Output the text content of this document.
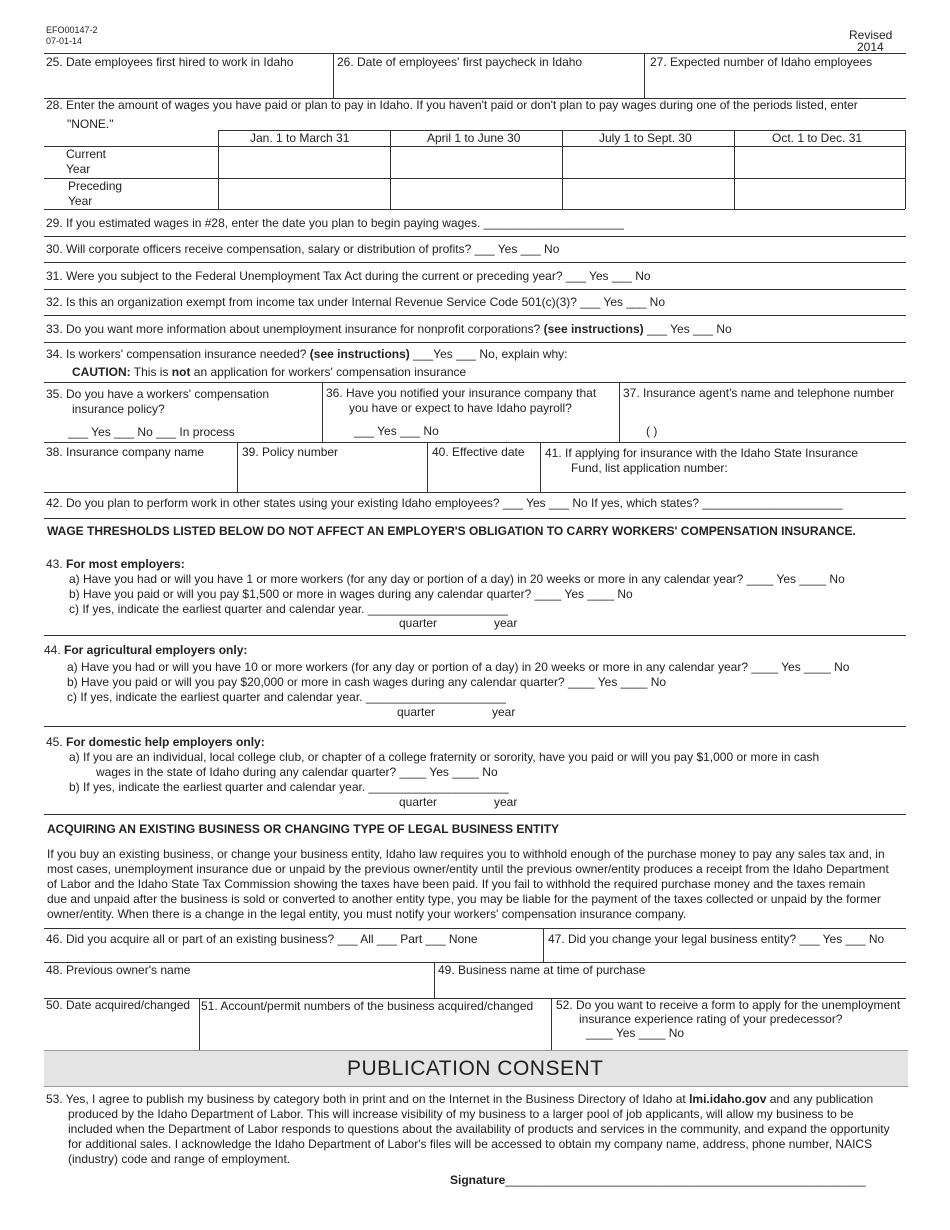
EFO00147-2
07-01-14	Revised
2014
25. Date employees first hired to work in Idaho	26. Date of employees' first paycheck in Idaho	27. Expected number of Idaho employees
28. Enter the amount of wages you have paid or plan to pay in Idaho. If you haven't paid or don't plan to pay wages during one of the periods listed, enter
"NONE."
Jan. 1 to March 31	April 1 to June 30	July 1 to Sept. 30	Oct. 1 to Dec. 31
Current
Year
Preceding
Year
29. If you estimated wages in #28, enter the date you plan to begin paying wages. _____________________
30. Will corporate officers receive compensation, salary or distribution of profits? ___ Yes ___ No
31. Were you subject to the Federal Unemployment Tax Act during the current or preceding year? ___ Yes ___ No
32. Is this an organization exempt from income tax under Internal Revenue Service Code 501(c)(3)? ___ Yes ___ No
33. Do you want more information about unemployment insurance for nonprofit corporations? (see instructions) ___ Yes ___ No
34. Is workers' compensation insurance needed? (see instructions) ___Yes ___ No, explain why:
CAUTION: This is not an application for workers' compensation insurance
35. Do you have a workers' compensation
insurance policy?
___ Yes ___ No ___ In process
36. Have you notified your insurance company that
you have or expect to have Idaho payroll?
___ Yes ___ No
37. Insurance agent's name and telephone number
( )
38. Insurance company name	39. Policy number	40. Effective date 41. If applying for insurance with the Idaho State Insurance
Fund, list application number:
42. Do you plan to perform work in other states using your existing Idaho employees? ___ Yes ___ No If yes, which states? _____________________
WAGE THRESHOLDS LISTED BELOW DO NOT AFFECT AN EMPLOYER'S OBLIGATION TO CARRY WORKERS' COMPENSATION INSURANCE.
43. For most employers:
a) Have you had or will you have 1 or more workers (for any day or portion of a day) in 20 weeks or more in any calendar year? ____ Yes ____ No
b) Have you paid or will you pay $1,500 or more in wages during any calendar quarter? ____ Yes ____ No
c) If yes, indicate the earliest quarter and calendar year. _____________________
quarter	year
44. For agricultural employers only:
a) Have you had or will you have 10 or more workers (for any day or portion of a day) in 20 weeks or more in any calendar year? ____ Yes ____ No
b) Have you paid or will you pay $20,000 or more in cash wages during any calendar quarter? ____ Yes ____ No
c) If yes, indicate the earliest quarter and calendar year. _____________________
quarter	year
45. For domestic help employers only:
a) If you are an individual, local college club, or chapter of a college fraternity or sorority, have you paid or will you pay $1,000 or more in cash
wages in the state of Idaho during any calendar quarter? ____ Yes ____ No
b) If yes, indicate the earliest quarter and calendar year. _____________________
quarter	year
ACQUIRING AN EXISTING BUSINESS OR CHANGING TYPE OF LEGAL BUSINESS ENTITY
If you buy an existing business, or change your business entity, Idaho law requires you to withhold enough of the purchase money to pay any sales tax and, in
most cases, unemployment insurance due or unpaid by the previous owner/entity until the previous owner/entity produces a receipt from the Idaho Department
of Labor and the Idaho State Tax Commission showing the taxes have been paid. If you fail to withhold the required purchase money and the taxes remain
due and unpaid after the business is sold or converted to another entity type, you may be liable for the payment of the taxes collected or unpaid by the former
owner/entity. When there is a change in the legal entity, you must notify your workers' compensation insurance company.
46. Did you acquire all or part of an existing business? ___ All ___ Part ___ None	47. Did you change your legal business entity? ___ Yes ___ No
48. Previous owner's name	49. Business name at time of purchase
50. Date acquired/changed 51. Account/permit numbers of the business acquired/changed 52. Do you want to receive a form to apply for the unemployment
insurance experience rating of your predecessor?
____ Yes ____ No
PUBLICATION CONSENT
53. Yes, I agree to publish my business by category both in print and on the Internet in the Business Directory of Idaho at lmi.idaho.gov and any publication
produced by the Idaho Department of Labor. This will increase visibility of my business to a larger pool of job applicants, will allow my business to be
included when the Department of Labor responds to questions about the availability of products and services in the community, and expand the opportunity
for additional sales. I acknowledge the Idaho Department of Labor's files will be accessed to obtain my company name, address, phone number, NAICS
(industry) code and range of employment.
Signature______________________________________________________
